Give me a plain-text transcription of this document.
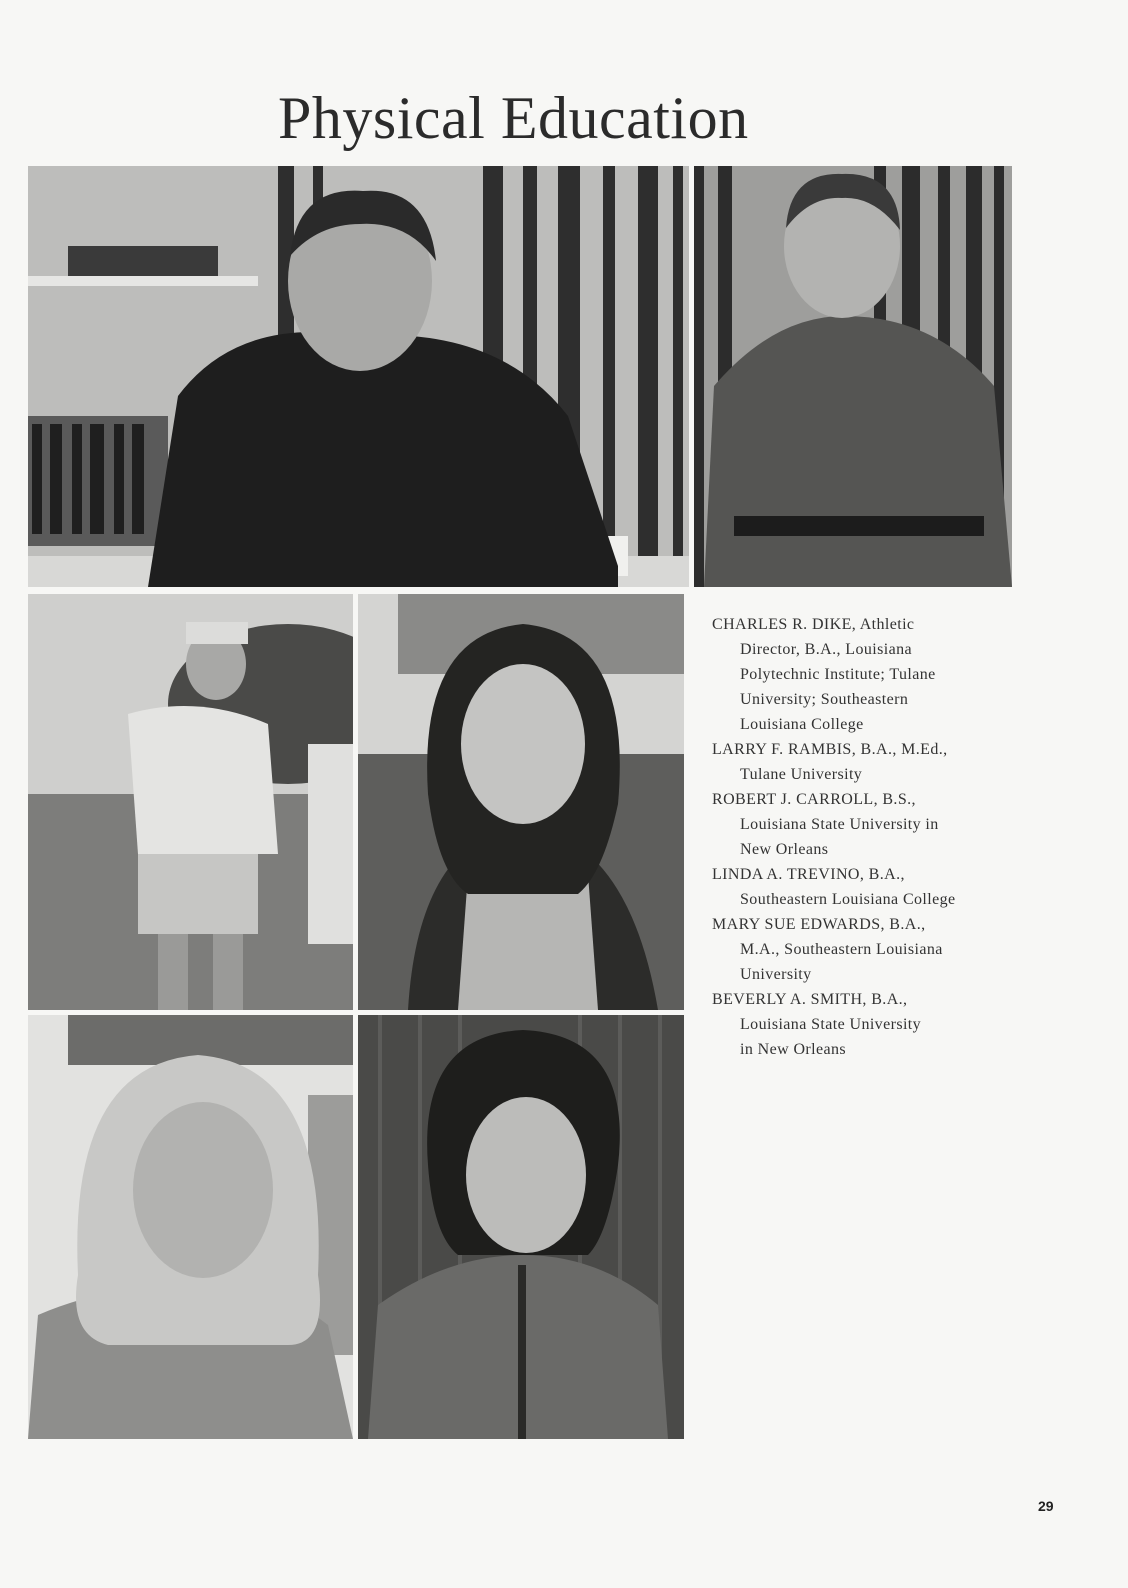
Physical Education

CHARLES R. DIKE, Athletic
Director, B.A., Louisiana
Polytechnic Institute; Tulane
University; Southeastern
Louisiana College

LARRY F. RAMBIS, B.A., M.Ed.,
Tulane University

ROBERT J. CARROLL, B.S.,
Louisiana State University in
New Orleans

LINDA A. TREVINO, B.A.,
Southeastern Louisiana College

MARY SUE EDWARDS, B.A.,
M.A., Southeastern Louisiana
University

BEVERLY A. SMITH, B.A.,
Louisiana State University
in New Orleans

29
